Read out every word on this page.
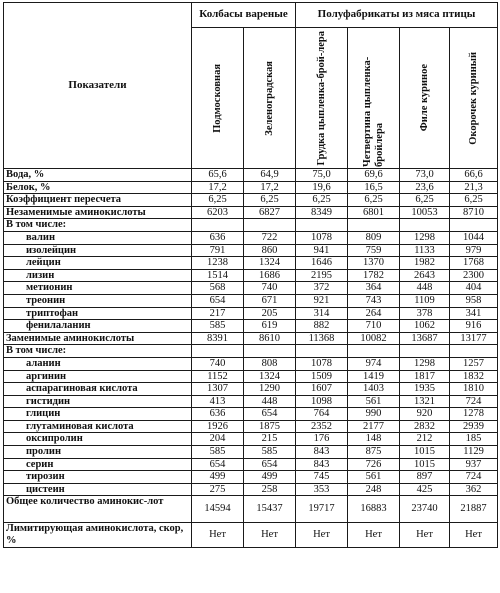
Показатели	Колбасы вареные		Полуфабрикаты из мяса птицы			

	Подмосковная	Зеленоградская	Грудка цыпленка-брой-лера	Четвертина цыпленка-бройлера	Филе куриное	Окорочек куриный

Вода, %	65,6	64,9	75,0	69,6	73,0	66,6
Белок, %	17,2	17,2	19,6	16,5	23,6	21,3
Коэффициент пересчета	6,25	6,25	6,25	6,25	6,25	6,25
Незаменимые аминокислоты	6203	6827	8349	6801	10053	8710
В том числе:						
валин	636	722	1078	809	1298	1044
изолейцин	791	860	941	759	1133	979
лейцин	1238	1324	1646	1370	1982	1768
лизин	1514	1686	2195	1782	2643	2300
метионин	568	740	372	364	448	404
треонин	654	671	921	743	1109	958
триптофан	217	205	314	264	378	341
фенилаланин	585	619	882	710	1062	916
Заменимые аминокислоты	8391	8610	11368	10082	13687	13177
В том числе:						
аланин	740	808	1078	974	1298	1257
аргинин	1152	1324	1509	1419	1817	1832
аспарагиновая кислота	1307	1290	1607	1403	1935	1810
гистидин	413	448	1098	561	1321	724
глицин	636	654	764	990	920	1278
глутаминовая кислота	1926	1875	2352	2177	2832	2939
оксипролин	204	215	176	148	212	185
пролин	585	585	843	875	1015	1129
серин	654	654	843	726	1015	937
тирозин	499	499	745	561	897	724
цистеин	275	258	353	248	425	362
Общее количество аминокис-лот	14594	15437	19717	16883	23740	21887
Лимитирующая аминокислота, скор, %	Нет	Нет	Нет	Нет	Нет	Нет
